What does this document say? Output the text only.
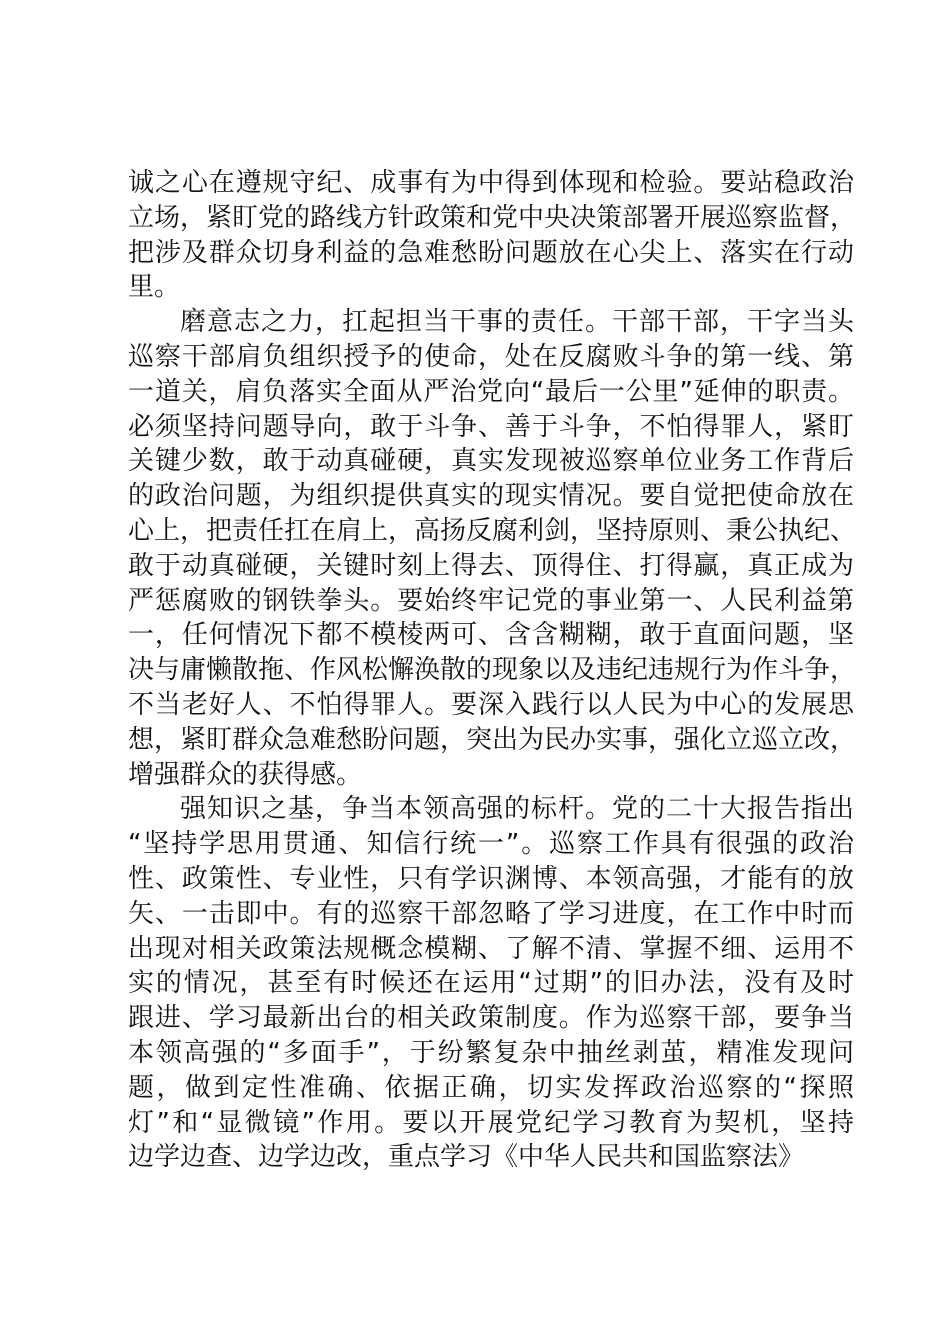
诚之心在遵规守纪、成事有为中得到体现和检验。要站稳政治
立场，紧盯党的路线方针政策和党中央决策部署开展巡察监督，
把涉及群众切身利益的急难愁盼问题放在心尖上、落实在行动
里。
磨意志之力，扛起担当干事的责任。干部干部，干字当头
巡察干部肩负组织授予的使命，处在反腐败斗争的第一线、第
一道关，肩负落实全面从严治党向“最后一公里”延伸的职责。
必须坚持问题导向，敢于斗争、善于斗争，不怕得罪人，紧盯
关键少数，敢于动真碰硬，真实发现被巡察单位业务工作背后
的政治问题，为组织提供真实的现实情况。要自觉把使命放在
心上，把责任扛在肩上，高扬反腐利剑，坚持原则、秉公执纪、
敢于动真碰硬，关键时刻上得去、顶得住、打得赢，真正成为
严惩腐败的钢铁拳头。要始终牢记党的事业第一、人民利益第
一，任何情况下都不模棱两可、含含糊糊，敢于直面问题，坚
决与庸懒散拖、作风松懈涣散的现象以及违纪违规行为作斗争，
不当老好人、不怕得罪人。要深入践行以人民为中心的发展思
想，紧盯群众急难愁盼问题，突出为民办实事，强化立巡立改，
增强群众的获得感。
强知识之基，争当本领高强的标杆。党的二十大报告指出
“坚持学思用贯通、知信行统一”。巡察工作具有很强的政治
性、政策性、专业性，只有学识渊博、本领高强，才能有的放
矢、一击即中。有的巡察干部忽略了学习进度，在工作中时而
出现对相关政策法规概念模糊、了解不清、掌握不细、运用不
实的情况，甚至有时候还在运用“过期”的旧办法，没有及时
跟进、学习最新出台的相关政策制度。作为巡察干部，要争当
本领高强的“多面手”，于纷繁复杂中抽丝剥茧，精准发现问
题，做到定性准确、依据正确，切实发挥政治巡察的“探照
灯”和“显微镜”作用。要以开展党纪学习教育为契机，坚持
边学边查、边学边改，重点学习《中华人民共和国监察法》
